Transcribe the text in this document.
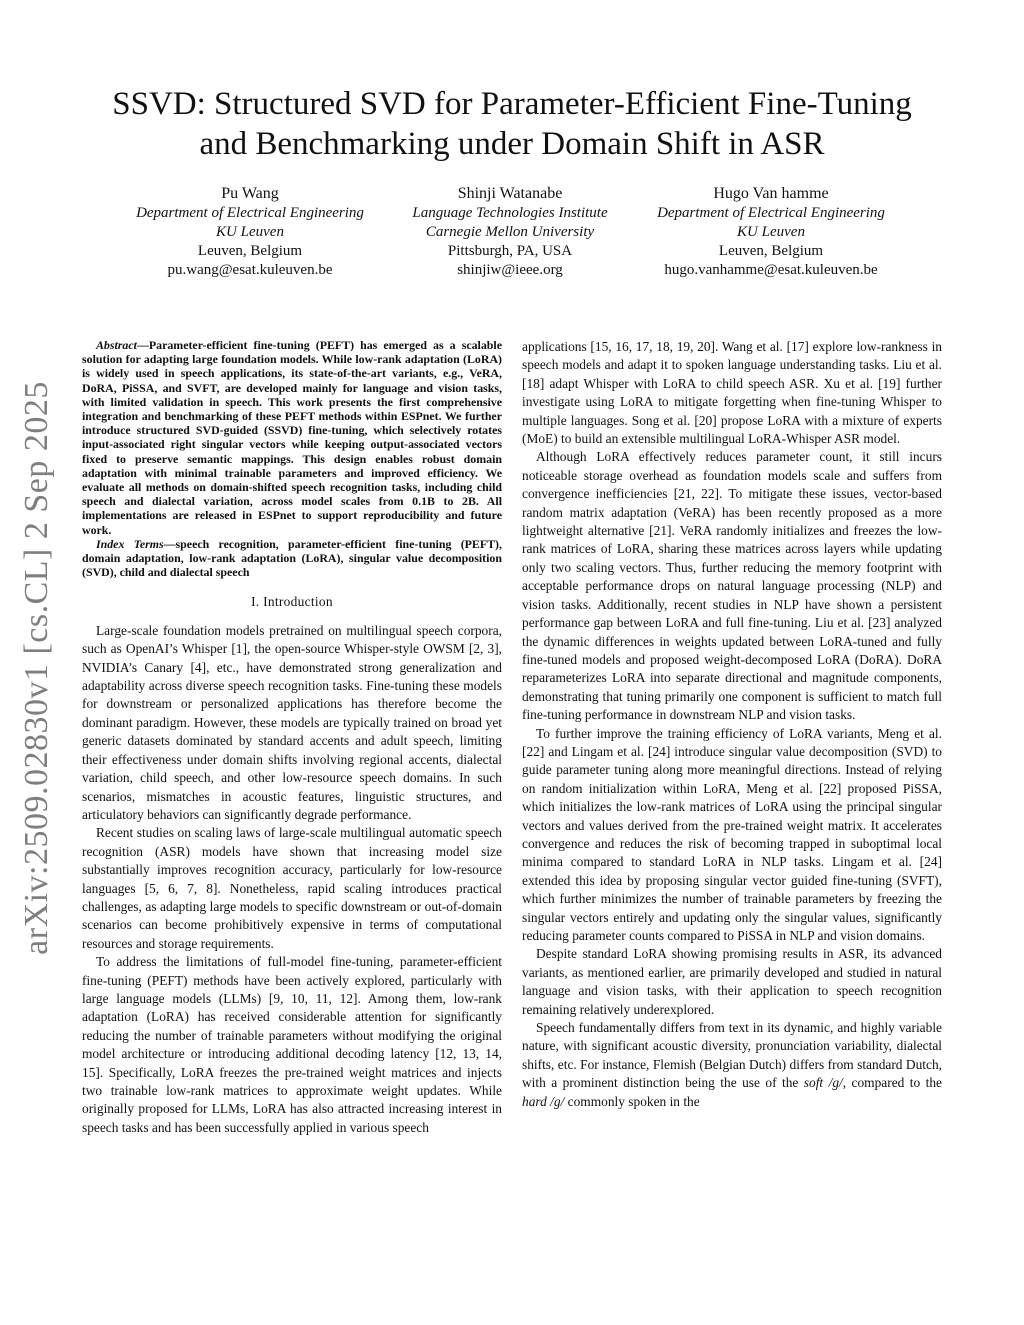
arXiv:2509.02830v1 [cs.CL] 2 Sep 2025
SSVD: Structured SVD for Parameter-Efficient Fine-Tuning
and Benchmarking under Domain Shift in ASR
Pu Wang
Department of Electrical Engineering
KU Leuven
Leuven, Belgium
pu.wang@esat.kuleuven.be
Shinji Watanabe
Language Technologies Institute
Carnegie Mellon University
Pittsburgh, PA, USA
shinjiw@ieee.org
Hugo Van hamme
Department of Electrical Engineering
KU Leuven
Leuven, Belgium
hugo.vanhamme@esat.kuleuven.be

Abstract—Parameter-efficient fine-tuning (PEFT) has emerged as a scalable solution for adapting large foundation models. While low-rank adaptation (LoRA) is widely used in speech applications, its state-of-the-art variants, e.g., VeRA, DoRA, PiSSA, and SVFT, are developed mainly for language and vision tasks, with limited validation in speech. This work presents the first comprehensive integration and benchmarking of these PEFT methods within ESPnet. We further introduce structured SVD-guided (SSVD) fine-tuning, which selectively rotates input-associated right singular vectors while keeping output-associated vectors fixed to preserve semantic mappings. This design enables robust domain adaptation with minimal trainable parameters and improved efficiency. We evaluate all methods on domain-shifted speech recognition tasks, including child speech and dialectal variation, across model scales from 0.1B to 2B. All implementations are released in ESPnet to support reproducibility and future work.

Index Terms—speech recognition, parameter-efficient fine-tuning (PEFT), domain adaptation, low-rank adaptation (LoRA), singular value decomposition (SVD), child and dialectal speech

I. Introduction

Large-scale foundation models pretrained on multilingual speech corpora, such as OpenAI’s Whisper [1], the open-source Whisper-style OWSM [2, 3], NVIDIA’s Canary [4], etc., have demonstrated strong generalization and adaptability across diverse speech recognition tasks. Fine-tuning these models for downstream or personalized applications has therefore become the dominant paradigm. However, these models are typically trained on broad yet generic datasets dominated by standard accents and adult speech, limiting their effectiveness under domain shifts involving regional accents, dialectal variation, child speech, and other low-resource speech domains. In such scenarios, mismatches in acoustic features, linguistic structures, and articulatory behaviors can significantly degrade performance.

Recent studies on scaling laws of large-scale multilingual automatic speech recognition (ASR) models have shown that increasing model size substantially improves recognition accuracy, particularly for low-resource languages [5, 6, 7, 8]. Nonetheless, rapid scaling introduces practical challenges, as adapting large models to specific downstream or out-of-domain scenarios can become prohibitively expensive in terms of computational resources and storage requirements.

To address the limitations of full-model fine-tuning, parameter-efficient fine-tuning (PEFT) methods have been actively explored, particularly with large language models (LLMs) [9, 10, 11, 12]. Among them, low-rank adaptation (LoRA) has received considerable attention for significantly reducing the number of trainable parameters without modifying the original model architecture or introducing additional decoding latency [12, 13, 14, 15]. Specifically, LoRA freezes the pre-trained weight matrices and injects two trainable low-rank matrices to approximate weight updates. While originally proposed for LLMs, LoRA has also attracted increasing interest in speech tasks and has been successfully applied in various speech

applications [15, 16, 17, 18, 19, 20]. Wang et al. [17] explore low-rankness in speech models and adapt it to spoken language understanding tasks. Liu et al. [18] adapt Whisper with LoRA to child speech ASR. Xu et al. [19] further investigate using LoRA to mitigate forgetting when fine-tuning Whisper to multiple languages. Song et al. [20] propose LoRA with a mixture of experts (MoE) to build an extensible multilingual LoRA-Whisper ASR model.

Although LoRA effectively reduces parameter count, it still incurs noticeable storage overhead as foundation models scale and suffers from convergence inefficiencies [21, 22]. To mitigate these issues, vector-based random matrix adaptation (VeRA) has been recently proposed as a more lightweight alternative [21]. VeRA randomly initializes and freezes the low-rank matrices of LoRA, sharing these matrices across layers while updating only two scaling vectors. Thus, further reducing the memory footprint with acceptable performance drops on natural language processing (NLP) and vision tasks. Additionally, recent studies in NLP have shown a persistent performance gap between LoRA and full fine-tuning. Liu et al. [23] analyzed the dynamic differences in weights updated between LoRA-tuned and fully fine-tuned models and proposed weight-decomposed LoRA (DoRA). DoRA reparameterizes LoRA into separate directional and magnitude components, demonstrating that tuning primarily one component is sufficient to match full fine-tuning performance in downstream NLP and vision tasks.

To further improve the training efficiency of LoRA variants, Meng et al. [22] and Lingam et al. [24] introduce singular value decomposition (SVD) to guide parameter tuning along more meaningful directions. Instead of relying on random initialization within LoRA, Meng et al. [22] proposed PiSSA, which initializes the low-rank matrices of LoRA using the principal singular vectors and values derived from the pre-trained weight matrix. It accelerates convergence and reduces the risk of becoming trapped in suboptimal local minima compared to standard LoRA in NLP tasks. Lingam et al. [24] extended this idea by proposing singular vector guided fine-tuning (SVFT), which further minimizes the number of trainable parameters by freezing the singular vectors entirely and updating only the singular values, significantly reducing parameter counts compared to PiSSA in NLP and vision domains.

Despite standard LoRA showing promising results in ASR, its advanced variants, as mentioned earlier, are primarily developed and studied in natural language and vision tasks, with their application to speech recognition remaining relatively underexplored.

Speech fundamentally differs from text in its dynamic, and highly variable nature, with significant acoustic diversity, pronunciation variability, dialectal shifts, etc. For instance, Flemish (Belgian Dutch) differs from standard Dutch, with a prominent distinction being the use of the soft /g/, compared to the hard /g/ commonly spoken in the
